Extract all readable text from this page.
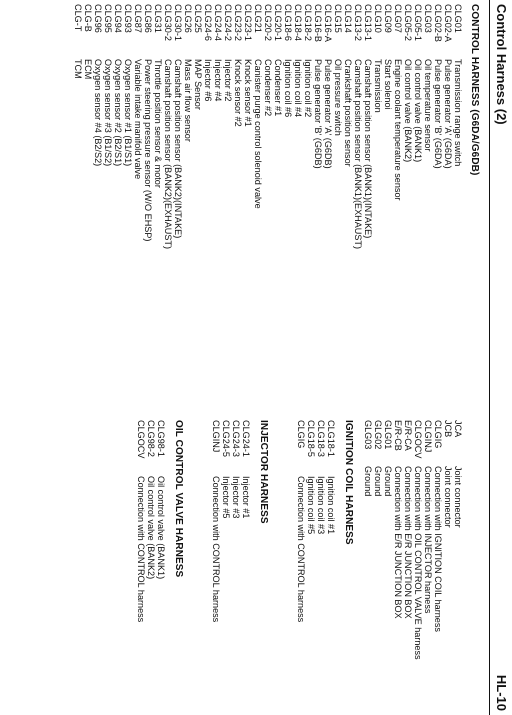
Control Harness (2)
HL-10
CONTROL HARNESS (G6DA/G6DB)
CLG01
Transmission range switch
CLG02-A
Pulse generator 'A' (G6DA)
CLG02-B
Pulse generator 'B' (G6DA)
CLG03
Oil temperature sensor
CLG05-1
Oil control valve (BANK1)
CLG05-2
Oil control valve (BANK2)
CLG07
Engine coolant temperature sensor
CLG09
Start solenoi
CLG10
Transmission
CLG13-1
Camshaft position sensor (BANK1)(INTAKE)
CLG13-2
Camshaft position sensor (BANK1)(EXHAUST)
CLG14
Crankshaft position sensor
CLG15
Oil pressure switch
CLG16-A
Pulse generator 'A' (G6DB)
CLG16-B
Pulse generator 'B' (G6DB)
CLG18-2
Ignition coil #2
CLG18-4
Ignition coil #4
CLG18-6
Ignition coil #6
CLG20-1
Condenser #1
CLG20-2
Condenser #2
CLG21
Canister purge control solenoid valve
CLG23-1
Knock sensor #1
CLG23-2
Knock sensor #2
CLG24-2
Injector #2
CLG24-4
Injector #4
CLG24-6
Injector #6
CLG25
MAP Sensor
CLG26
Mass air flow sensor
CLG30-1
Camshaft position sensor (BANK2)(INTAKE)
CLG30-2
Camshaft position sensor (BANK2)(EXHAUST)
CLG31
Throttle position sensor & motor
CLG86
Power steering pressure sensor (W/O EHSP)
CLG87
Variable intake manifold valve
CLG93
Oxygen sensor #1 (B1/S1)
CLG94
Oxygen sensor #2 (B2/S1)
CLG95
Oxygen sensor #3 (B1/S2)
CLG96
Oxygen sensor #4 (B2/S2)
CLG-B
ECM
CLG-T
TCM
JCA
Joint connector
JCB
Joint connector
CLGIG
Connection with IGNITION COIL harness
CLGINJ
Connection with INJECTOR harness
CLGOCV
Connection with OIL CONTROL VALVE harness
E/R-CA
Connection with E/R JUNCTION BOX
E/R-CB
Connection with E/R JUNCTION BOX
GLG01
Ground
GLG02
Ground
GLG03
Ground
IGNITION COIL HARNESS
CLG18-1
Ignition coil #1
CLG18-3
Ignition coil #3
CLG18-5
Ignition coil #5
CLGIG
Connection with CONTROL harness
INJECTOR HARNESS
CLG24-1
Injector #1
CLG24-3
Injector #3
CLG24-5
Injector #5
CLGINJ
Connection with CONTROL harness
OIL CONTROL VALVE HARNESS
CLG98-1
Oil control valve (BANK1)
CLG98-2
Oil control valve (BANK2)
CLGOCV
Connection with CONTROL harness
